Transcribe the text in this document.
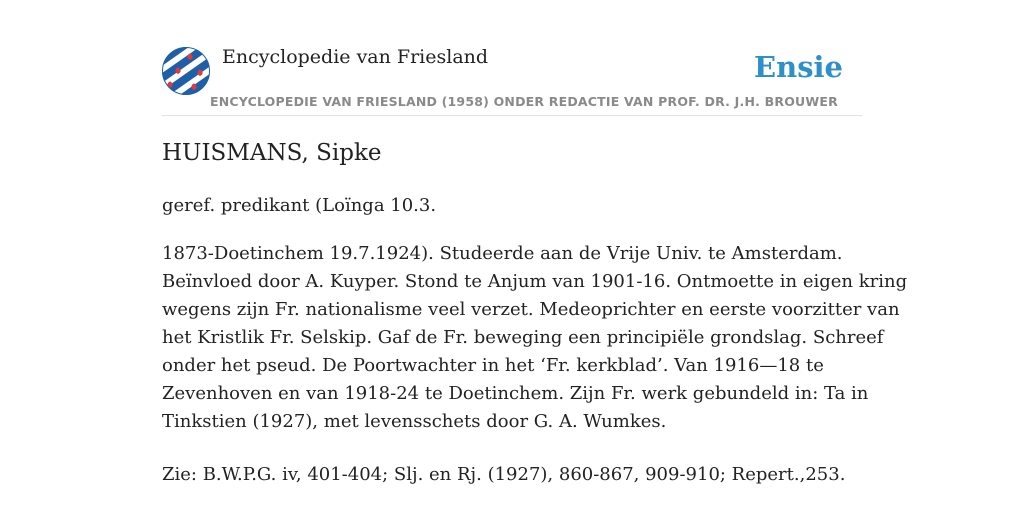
Encyclopedie van Friesland	Ensie
ENCYCLOPEDIE VAN FRIESLAND (1958) ONDER REDACTIE VAN PROF. DR. J.H. BROUWER
HUISMANS, Sipke

geref. predikant (Loïnga 10.3.

1873-Doetinchem 19.7.1924). Studeerde aan de Vrije Univ. te Amsterdam.
Beïnvloed door A. Kuyper. Stond te Anjum van 1901-16. Ontmoette in eigen kring
wegens zijn Fr. nationalisme veel verzet. Medeoprichter en eerste voorzitter van
het Kristlik Fr. Selskip. Gaf de Fr. beweging een principiële grondslag. Schreef
onder het pseud. De Poortwachter in het ‘Fr. kerkblad’. Van 1916—18 te
Zevenhoven en van 1918-24 te Doetinchem. Zijn Fr. werk gebundeld in: Ta in
Tinkstien (1927), met levensschets door G. A. Wumkes.

Zie: B.W.P.G. iv, 401-404; Slj. en Rj. (1927), 860-867, 909-910; Repert.,253.
